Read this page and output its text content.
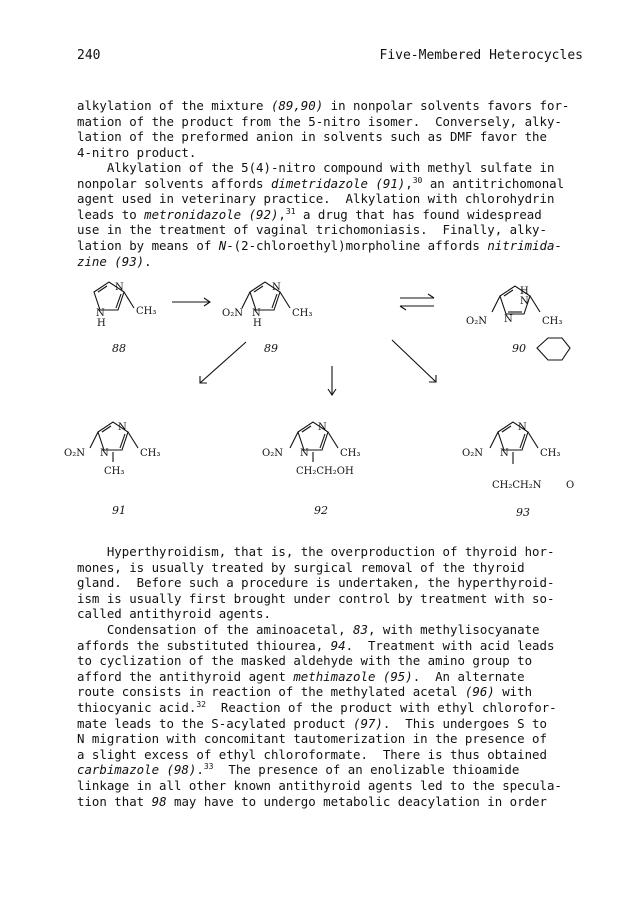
240	Five-Membered Heterocycles
alkylation of the mixture (89,90) in nonpolar solvents favors for-
mation of the product from the 5-nitro isomer.  Conversely, alky-
lation of the preformed anion in solvents such as DMF favor the
4-nitro product.
Alkylation of the 5(4)-nitro compound with methyl sulfate in
nonpolar solvents affords dimetridazole (91),$^{30}$ an antitrichomonal
agent used in veterinary practice.  Alkylation with chlorohydrin
leads to metronidazole (92),$^{31}$ a drug that has found widespread
use in the treatment of vaginal trichomoniasis.  Finally, alky-
lation by means of N-(2-chloroethyl)morpholine affords nitrimida-
zine (93).
N
N
H
CH₃
N
N
H
O₂N	CH₃
H
N
N
O₂N	CH₃
N
N
O₂N	CH₃
CH₃
N
N
O₂N	CH₃
CH₂CH₂OH
N
N
O₂N	CH₃
CH₂CH₂N O
88	89	90
91	92	93
Hyperthyroidism, that is, the overproduction of thyroid hor-
mones, is usually treated by surgical removal of the thyroid
gland.  Before such a procedure is undertaken, the hyperthyroid-
ism is usually first brought under control by treatment with so-
called antithyroid agents.
Condensation of the aminoacetal, 83, with methylisocyanate
affords the substituted thiourea, 94.  Treatment with acid leads
to cyclization of the masked aldehyde with the amino group to
afford the antithyroid agent methimazole (95).  An alternate
route consists in reaction of the methylated acetal (96) with
thiocyanic acid.$^{32}$  Reaction of the product with ethyl chlorofor-
mate leads to the S-acylated product (97).  This undergoes S to
N migration with concomitant tautomerization in the presence of
a slight excess of ethyl chloroformate.  There is thus obtained
carbimazole (98).$^{33}$  The presence of an enolizable thioamide
linkage in all other known antithyroid agents led to the specula-
tion that 98 may have to undergo metabolic deacylation in order
